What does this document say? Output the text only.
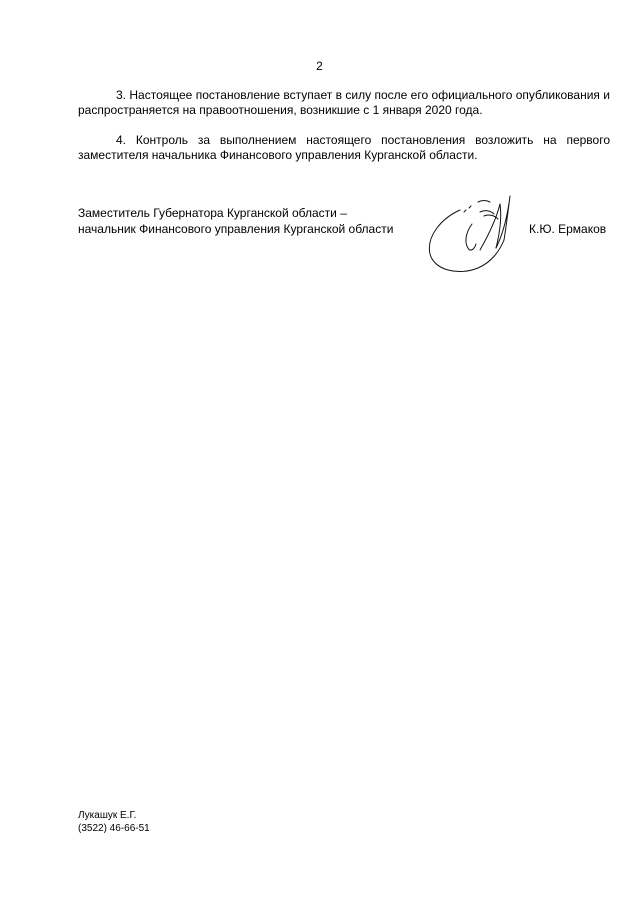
2

3. Настоящее постановление вступает в силу после его официального опубликования и распространяется на правоотношения, возникшие с 1 января 2020 года.

4. Контроль за выполнением настоящего постановления возложить на первого заместителя начальника Финансового управления Курганской области.

Заместитель Губернатора Курганской области –
начальник Финансового управления Курганской области	К.Ю. Ермаков
Лукашук Е.Г.
(3522) 46-66-51
